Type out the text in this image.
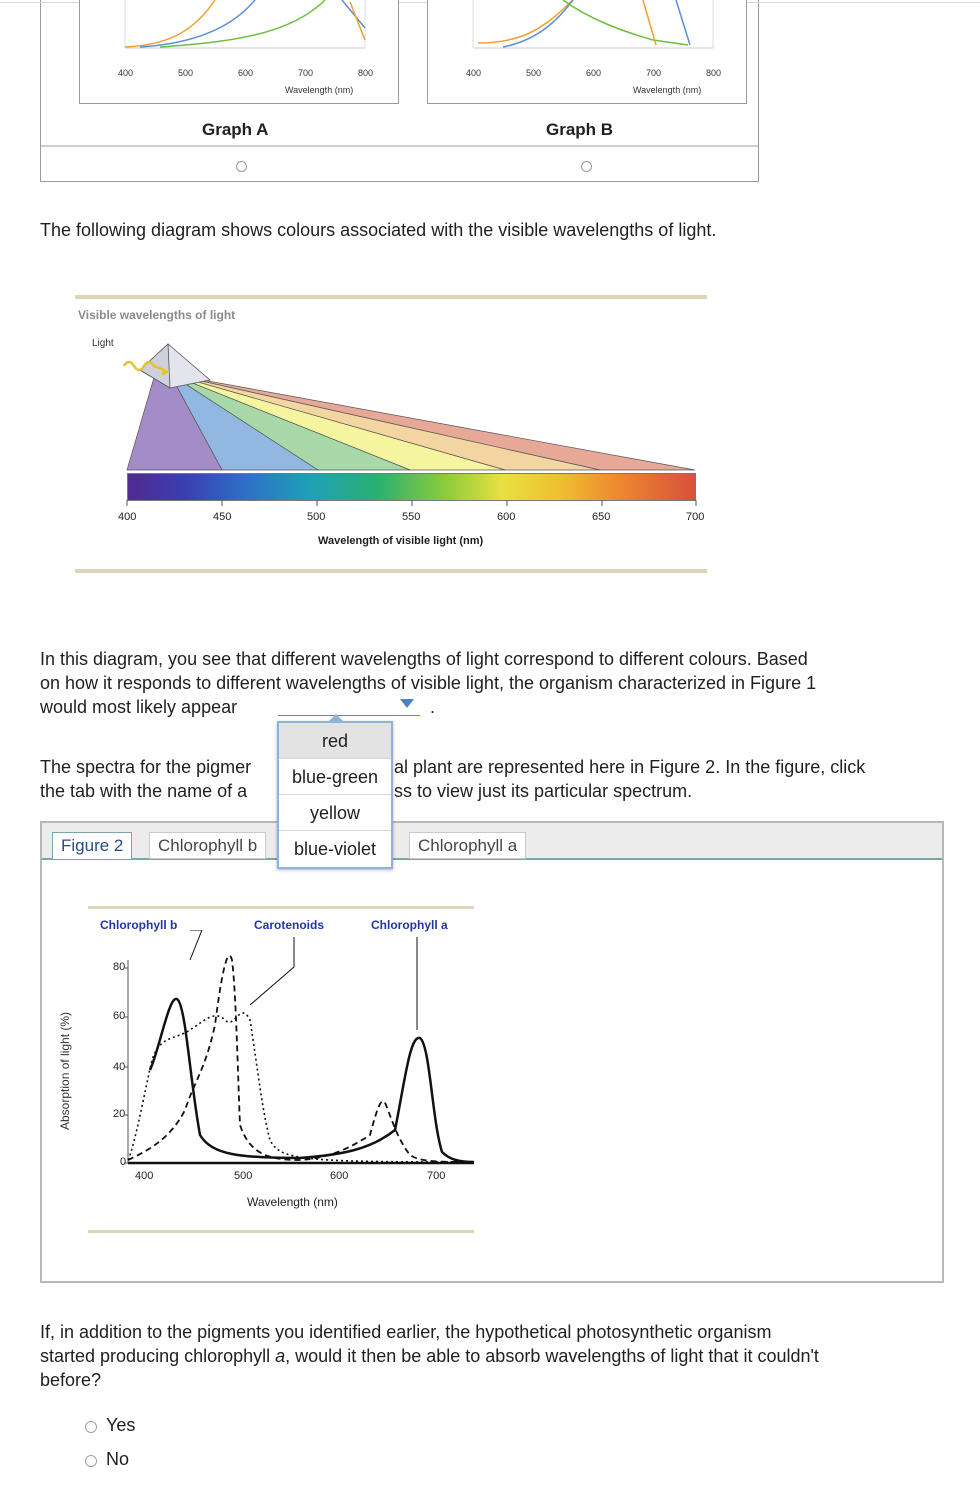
400	500	600	700	800
Wavelength (nm)
Graph A
400	500	600	700	800
Wavelength (nm)
Graph B
The following diagram shows colours associated with the visible wavelengths of light.
Visible wavelengths of light
Light
400	450	500	550	600	650	700
Wavelength of visible light (nm)
In this diagram, you see that different wavelengths of light correspond to different colours. Based
on how it responds to different wavelengths of visible light, the organism characterized in Figure 1
would most likely appear	.
The spectra for the pigmer	al plant are represented here in Figure 2. In the figure, click
the tab with the name of a	ss to view just its particular spectrum.
Figure 2	Chlorophyll b	Chlorophyll a
Chlorophyll b	Carotenoids	Chlorophyll a
Absorption of light (%)
80
60
40
20
0
400	500	600	700
Wavelength (nm)
red
blue-green
yellow
blue-violet
If, in addition to the pigments you identified earlier, the hypothetical photosynthetic organism
started producing chlorophyll a, would it then be able to absorb wavelengths of light that it couldn't
before?
Yes
No
